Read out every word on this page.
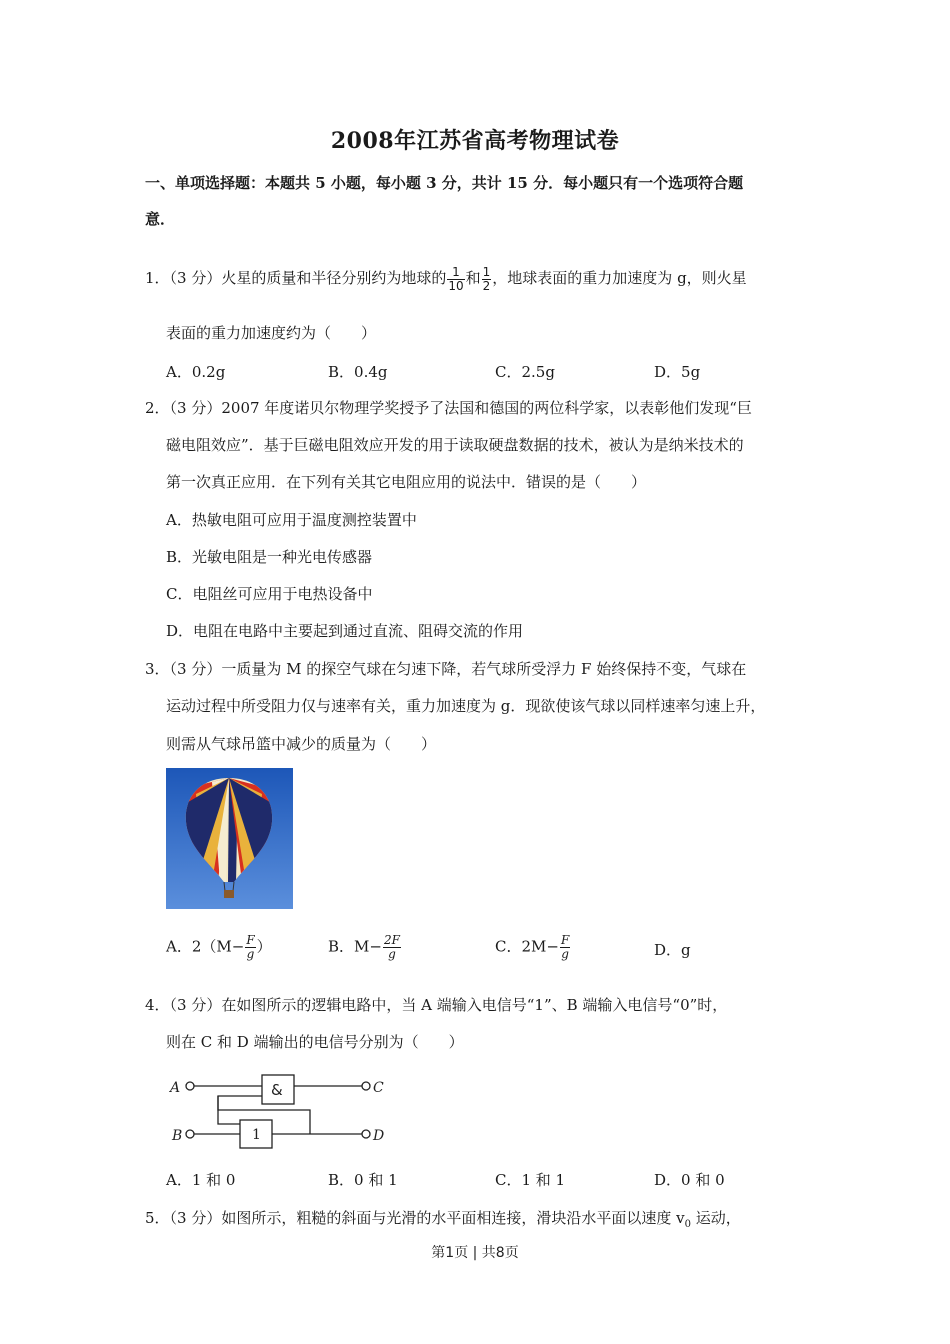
2008年江苏省高考物理试卷
一、单项选择题：本题共 5 小题，每小题 3 分，共计 15 分．每小题只有一个选项符合题
意．
1．（3 分）火星的质量和半径分别约为地球的 $\frac{1}{10}$ 和 $\frac{1}{2}$ ，地球表面的重力加速度为 g，则火星
表面的重力加速度约为（　　）
A．0.2g	B．0.4g	C．2.5g	D．5g
2．（3 分）2007 年度诺贝尔物理学奖授予了法国和德国的两位科学家，以表彰他们发现“巨
磁电阻效应”．基于巨磁电阻效应开发的用于读取硬盘数据的技术，被认为是纳米技术的
第一次真正应用．在下列有关其它电阻应用的说法中．错误的是（　　）
A．热敏电阻可应用于温度测控装置中
B．光敏电阻是一种光电传感器
C．电阻丝可应用于电热设备中
D．电阻在电路中主要起到通过直流、阻碍交流的作用
3．（3 分）一质量为 M 的探空气球在匀速下降，若气球所受浮力 F 始终保持不变，气球在
运动过程中所受阻力仅与速率有关，重力加速度为 g．现欲使该气球以同样速率匀速上升，
则需从气球吊篮中减少的质量为（　　）
A．$2(M- \frac{F}{g}$ ）	B．$M- \frac{2F}{g}$	C．$2M- \frac{F}{g}$	D．g
4．（3 分）在如图所示的逻辑电路中，当 A 端输入电信号“1”、B 端输入电信号“0”时，
则在 C 和 D 端输出的电信号分别为（　　）
A
B
C
D
&
1
A．1 和 0	B．0 和 1	C．1 和 1	D．0 和 0
5．（3 分）如图所示，粗糙的斜面与光滑的水平面相连接，滑块沿水平面以速度 $v_0$ 运动，
第1页 | 共8页
